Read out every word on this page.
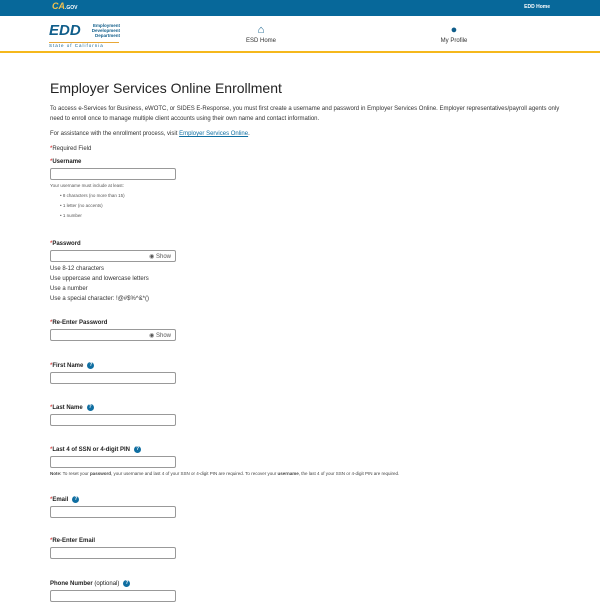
CA.GOV	EDD Home
EDD	Employment Development Department
State of California
⌂
ESD Home
●
My Profile
Employer Services Online Enrollment

To access e-Services for Business, eWOTC, or SIDES E-Response, you must first create a username and password in Employer Services Online. Employer representatives/payroll agents only need to enroll once to manage multiple client accounts using their own name and contact information.

For assistance with the enrollment process, visit Employer Services Online.

*Required Field

*Username
Your username must include at least:
• 8 characters (no more than 15)
• 1 letter (no accents)
• 1 number
*Password
◉ Show
Use 8-12 characters
Use uppercase and lowercase letters
Use a number
Use a special character: !@#$%^&*()
*Re-Enter Password
◉ Show
*First Name ?
*Last Name ?
*Last 4 of SSN or 4-digit PIN ?
Note: To reset your password, your username and last 4 of your SSN or 4-digit PIN are required. To recover your username, the last 4 of your SSN or 4-digit PIN are required.
*Email ?
*Re-Enter Email
Phone Number (optional) ?
